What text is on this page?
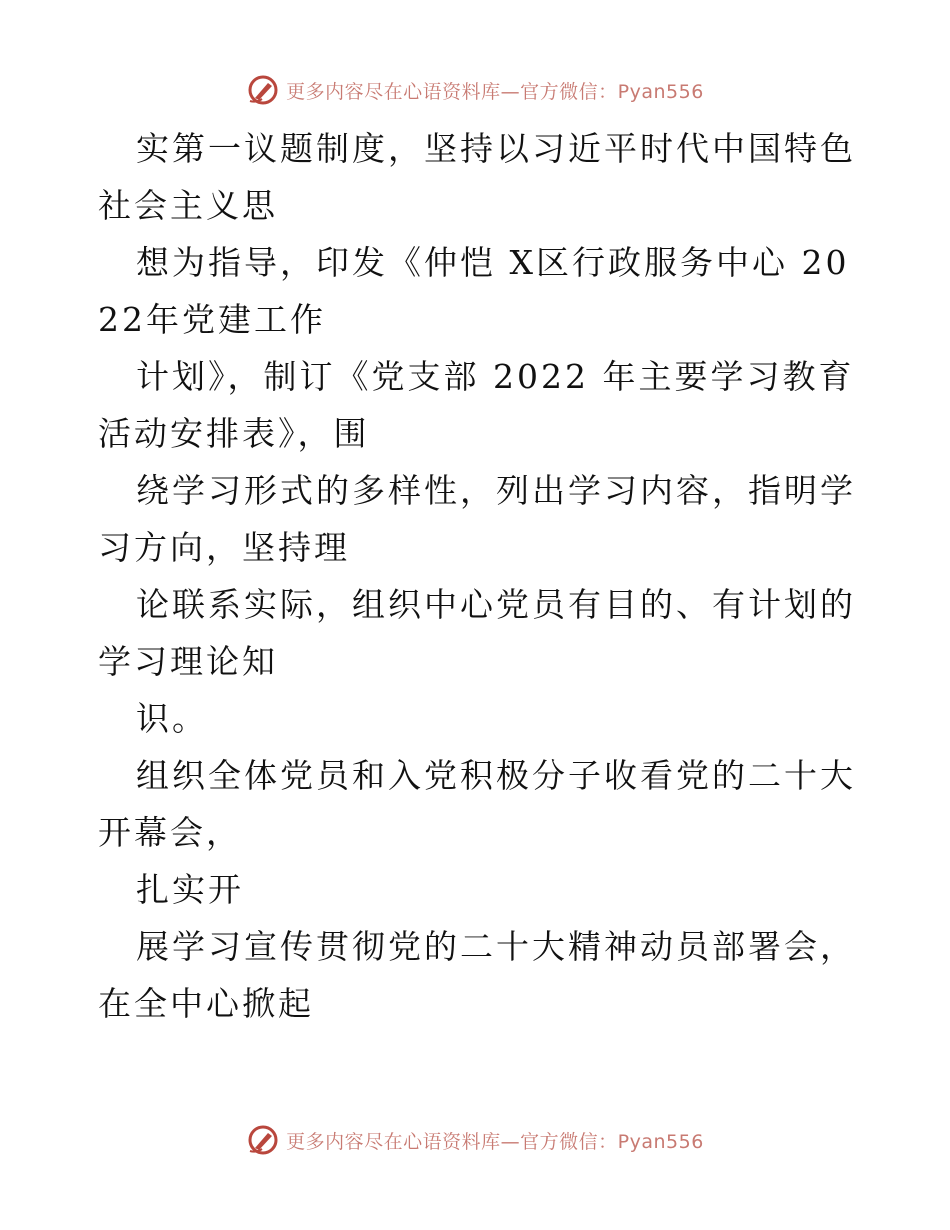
更多内容尽在心语资料库—官方微信：Pyan556

实第一议题制度，坚持以习近平时代中国特色社会主义思

想为指导，印发《仲恺 X区行政服务中心 2022年党建工作

计划》，制订《党支部 2022 年主要学习教育活动安排表》，围

绕学习形式的多样性，列出学习内容，指明学习方向，坚持理

论联系实际，组织中心党员有目的、有计划的学习理论知

识。

组织全体党员和入党积极分子收看党的二十大开幕会，

扎实开

展学习宣传贯彻党的二十大精神动员部署会，在全中心掀起

更多内容尽在心语资料库—官方微信：Pyan556
